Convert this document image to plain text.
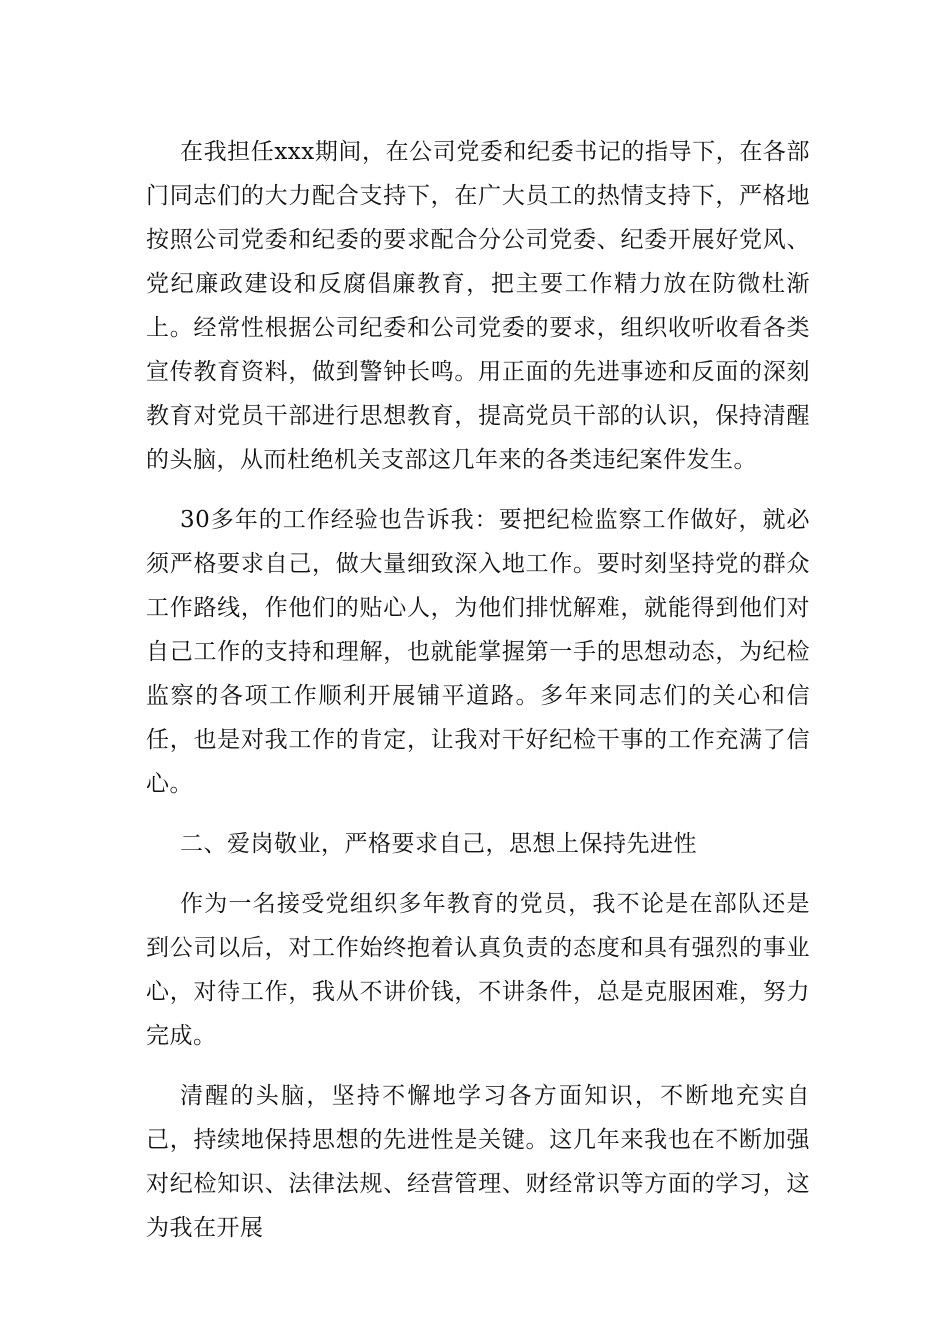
在我担任xxx期间，在公司党委和纪委书记的指导下，在各部门同志们的大力配合支持下，在广大员工的热情支持下，严格地按照公司党委和纪委的要求配合分公司党委、纪委开展好党风、党纪廉政建设和反腐倡廉教育，把主要工作精力放在防微杜渐上。经常性根据公司纪委和公司党委的要求，组织收听收看各类宣传教育资料，做到警钟长鸣。用正面的先进事迹和反面的深刻教育对党员干部进行思想教育，提高党员干部的认识，保持清醒的头脑，从而杜绝机关支部这几年来的各类违纪案件发生。

30多年的工作经验也告诉我：要把纪检监察工作做好，就必须严格要求自己，做大量细致深入地工作。要时刻坚持党的群众工作路线，作他们的贴心人，为他们排忧解难，就能得到他们对自己工作的支持和理解，也就能掌握第一手的思想动态，为纪检监察的各项工作顺利开展铺平道路。多年来同志们的关心和信任，也是对我工作的肯定，让我对干好纪检干事的工作充满了信心。

二、爱岗敬业，严格要求自己，思想上保持先进性

作为一名接受党组织多年教育的党员，我不论是在部队还是到公司以后，对工作始终抱着认真负责的态度和具有强烈的事业心，对待工作，我从不讲价钱，不讲条件，总是克服困难，努力完成。

清醒的头脑，坚持不懈地学习各方面知识，不断地充实自己，持续地保持思想的先进性是关键。这几年来我也在不断加强对纪检知识、法律法规、经营管理、财经常识等方面的学习，这为我在开展
